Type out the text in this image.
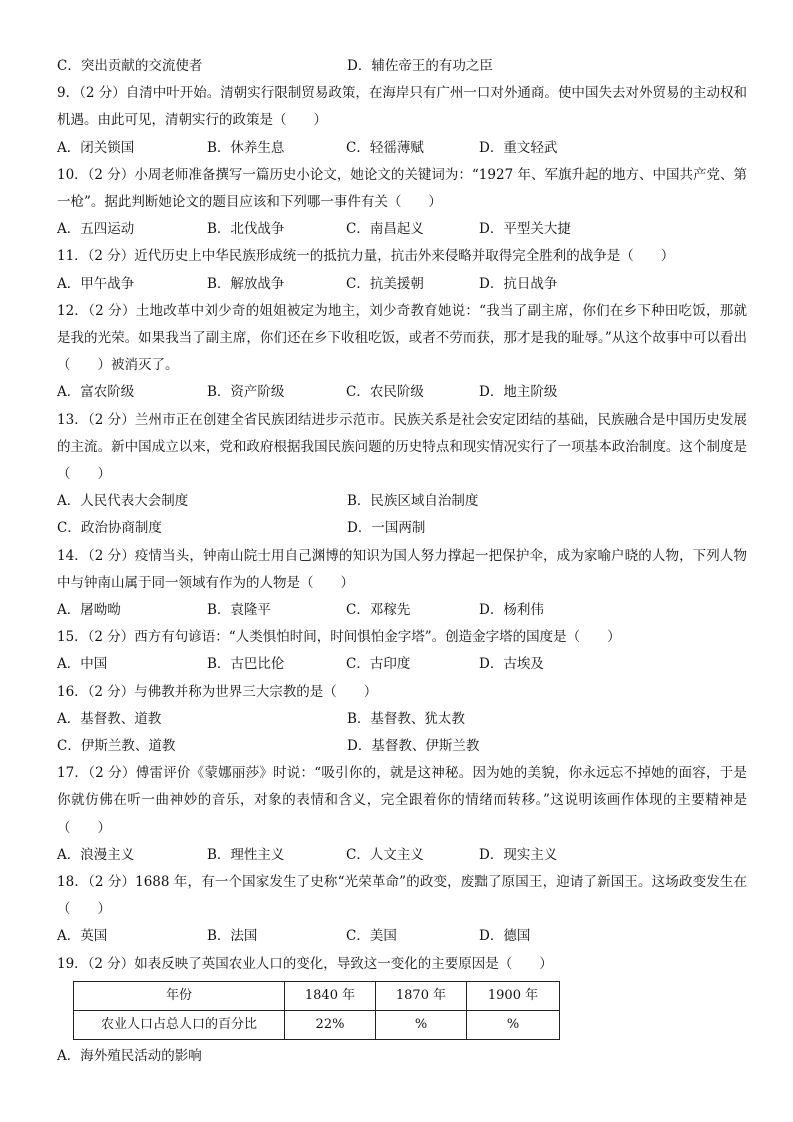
C．突出贡献的交流使者	D．辅佐帝王的有功之臣
9．（2 分）自清中叶开始。清朝实行限制贸易政策，在海岸只有广州一口对外通商。使中国失去对外贸易的主动权和机遇。由此可见，清朝实行的政策是（　　）
A．闭关锁国	B．休养生息	C．轻徭薄赋	D．重文轻武
10．（2 分）小周老师准备撰写一篇历史小论文，她论文的关键词为：“1927 年、军旗升起的地方、中国共产党、第一枪”。据此判断她论文的题目应该和下列哪一事件有关（　　）
A．五四运动	B．北伐战争	C．南昌起义	D．平型关大捷
11．（2 分）近代历史上中华民族形成统一的抵抗力量，抗击外来侵略并取得完全胜利的战争是（　　）
A．甲午战争	B．解放战争	C．抗美援朝	D．抗日战争
12．（2 分）土地改革中刘少奇的姐姐被定为地主，刘少奇教育她说：“我当了副主席，你们在乡下种田吃饭，那就是我的光荣。如果我当了副主席，你们还在乡下收租吃饭，或者不劳而获，那才是我的耻辱。”从这个故事中可以看出（　　）被消灭了。
A．富农阶级	B．资产阶级	C．农民阶级	D．地主阶级
13．（2 分）兰州市正在创建全省民族团结进步示范市。民族关系是社会安定团结的基础，民族融合是中国历史发展的主流。新中国成立以来，党和政府根据我国民族问题的历史特点和现实情况实行了一项基本政治制度。这个制度是（　　）
A．人民代表大会制度	B．民族区域自治制度
C．政治协商制度	D．一国两制
14．（2 分）疫情当头，钟南山院士用自己渊博的知识为国人努力撑起一把保护伞，成为家喻户晓的人物，下列人物中与钟南山属于同一领域有作为的人物是（　　）
A．屠呦呦	B．袁隆平	C．邓稼先	D．杨利伟
15．（2 分）西方有句谚语：“人类惧怕时间，时间惧怕金字塔”。创造金字塔的国度是（　　）
A．中国	B．古巴比伦	C．古印度	D．古埃及
16．（2 分）与佛教并称为世界三大宗教的是（　　）
A．基督教、道教	B．基督教、犹太教
C．伊斯兰教、道教	D．基督教、伊斯兰教
17．（2 分）傅雷评价《蒙娜丽莎》时说：“吸引你的，就是这神秘。因为她的美貌，你永远忘不掉她的面容，于是你就仿佛在听一曲神妙的音乐，对象的表情和含义，完全跟着你的情绪而转移。”这说明该画作体现的主要精神是（　　）
A．浪漫主义	B．理性主义	C．人文主义	D．现实主义
18．（2 分）1688 年，有一个国家发生了史称“光荣革命”的政变，废黜了原国王，迎请了新国王。这场政变发生在（　　）
A．英国	B．法国	C．美国	D．德国
19．（2 分）如表反映了英国农业人口的变化，导致这一变化的主要原因是（　　）
年份	1840 年	1870 年	1900 年
农业人口占总人口的百分比	22%	%	%
A．海外殖民活动的影响
